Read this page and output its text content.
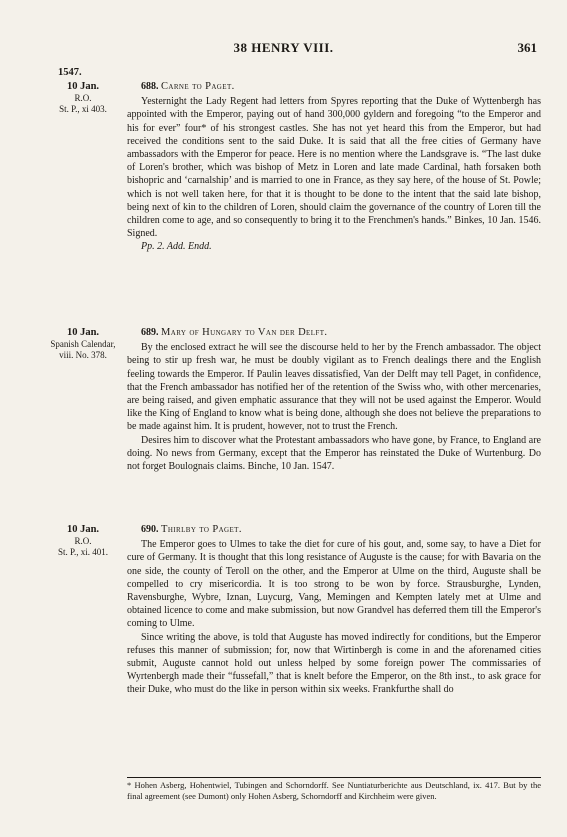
38 HENRY VIII.	361
1547.
10 Jan.
R.O.
St. P., xi 403.

688. Carne to Paget.

Yesternight the Lady Regent had letters from Spyres reporting that the Duke of Wyttenbergh has appointed with the Emperor, paying out of hand 300,000 gyldern and foregoing “to the Emperor and his for ever” four* of his strongest castles. She has not yet heard this from the Emperor, but had received the conditions sent to the said Duke. It is said that all the free cities of Germany have ambassadors with the Emperor for peace. Here is no mention where the Landsgrave is. “The last duke of Loren's brother, which was bishop of Metz in Loren and late made Cardinal, hath forsaken both bishopric and ‘carnalship’ and is married to one in France, as they say here, of the house of St. Powle; which is not well taken here, for that it is thought to be done to the intent that the said late bishop, being next of kin to the children of Loren, should claim the governance of the country of Loren till the children come to age, and so consequently to bring it to the Frenchmen's hands.” Binkes, 10 Jan. 1546. Signed.

Pp. 2. Add. Endd.

10 Jan.
Spanish Calendar,
viii. No. 378.

689. Mary of Hungary to Van der Delft.

By the enclosed extract he will see the discourse held to her by the French ambassador. The object being to stir up fresh war, he must be doubly vigilant as to French dealings there and the English feeling towards the Emperor. If Paulin leaves dissatisfied, Van der Delft may tell Paget, in confidence, that the French ambassador has notified her of the retention of the Swiss who, with other mercenaries, are being raised, and given emphatic assurance that they will not be used against the Emperor. Would like the King of England to know what is being done, although she does not believe the preparations to be made against him. It is prudent, however, not to trust the French.

Desires him to discover what the Protestant ambassadors who have gone, by France, to England are doing. No news from Germany, except that the Emperor has reinstated the Duke of Wurtenburg. Do not forget Boulognais claims. Binche, 10 Jan. 1547.

10 Jan.
R.O.
St. P., xi. 401.

690. Thirlby to Paget.

The Emperor goes to Ulmes to take the diet for cure of his gout, and, some say, to have a Diet for cure of Germany. It is thought that this long resistance of Auguste is the cause; for with Bavaria on the one side, the county of Teroll on the other, and the Emperor at Ulme on the third, Auguste shall be compelled to cry misericordia. It is too strong to be won by force. Strausburghe, Lynden, Ravensburghe, Wybre, Iznan, Luycurg, Vang, Memingen and Kempten lately met at Ulme and obtained licence to come and make submission, but now Grandvel has deferred them till the Emperor's coming to Ulme.

Since writing the above, is told that Auguste has moved indirectly for conditions, but the Emperor refuses this manner of submission; for, now that Wirtinbergh is come in and the aforenamed cities submit, Auguste cannot hold out unless helped by some foreign power The commissaries of Wyrtenbergh made their “fussefall,” that is knelt before the Emperor, on the 8th inst., to ask grace for their Duke, who must do the like in person within six weeks. Frankfurthe shall do

* Hohen Asberg, Hohentwiel, Tubingen and Schorndorff. See Nuntiaturberichte aus Deutschland, ix. 417. But by the final agreement (see Dumont) only Hohen Asberg, Schorndorff and Kirchheim were given.
